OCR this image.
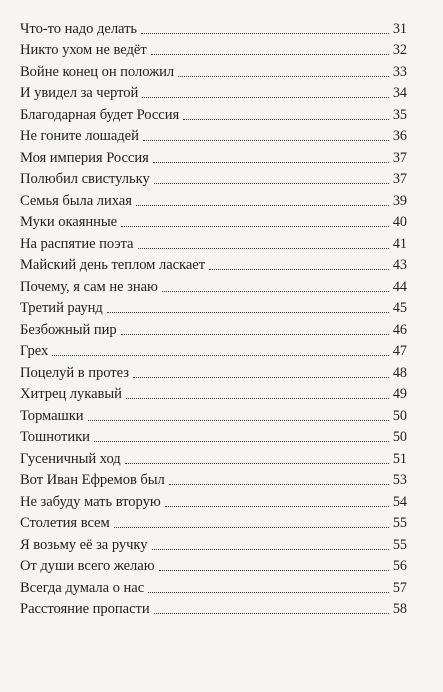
Что-то надо делать	31
Никто ухом не ведёт	32
Войне конец он положил	33
И увидел за чертой	34
Благодарная будет Россия	35
Не гоните лошадей	36
Моя империя Россия	37
Полюбил свистульку	37
Семья была лихая	39
Муки окаянные	40
На распятие поэта	41
Майский день теплом ласкает	43
Почему, я сам не знаю	44
Третий раунд	45
Безбожный пир	46
Грех	47
Поцелуй в протез	48
Хитрец лукавый	49
Тормашки	50
Тошнотики	50
Гусеничный ход	51
Вот Иван Ефремов был	53
Не забуду мать вторую	54
Столетия всем	55
Я возьму её за ручку	55
От души всего желаю	56
Всегда думала о нас	57
Расстояние пропасти	58
